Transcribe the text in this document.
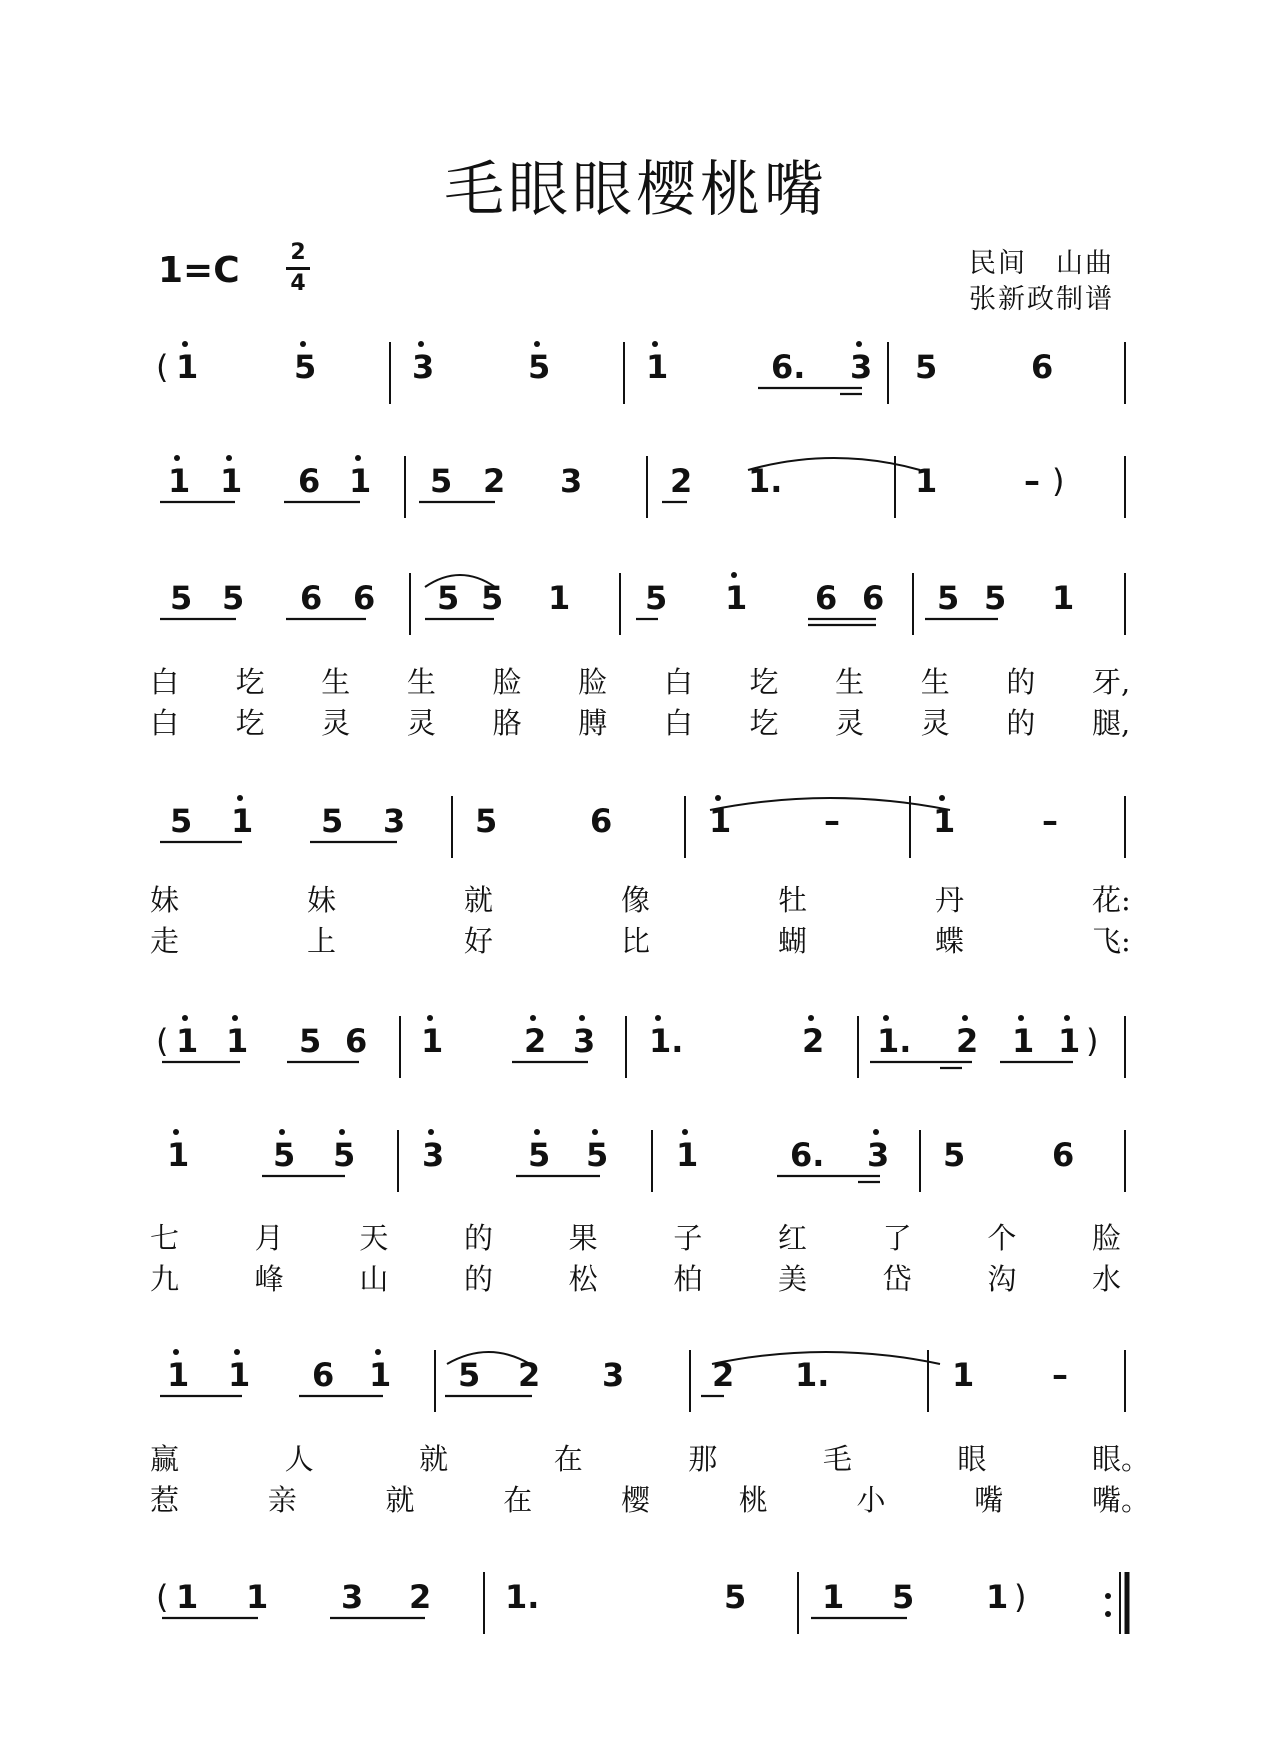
毛眼眼樱桃嘴
1=C 2
4
民间　山曲
张新政制谱
( 1	5	3	5	1	6. 3 5	6
1 1 6 1 5 2 3	2 1.	1	– )
5 5 6 6 5 5 1 5 1 6 6 5 5 1
白 圪 生 生 脸 脸 白 圪 生 生 的 牙,
白 圪 灵 灵 胳 膊 白 圪 灵 灵 的 腿,
5 1 5 3 5	6	1	–	1	–
妹	妹	就	像	牡	丹	花:
走	上	好	比	蝴	蝶	飞:
( 1 1 5 6 1	2 3 1.	2 1. 2 1 1 )
1	5 5 3	5 5 1	6. 3 5	6
七	月	天	的	果	子	红	了	个	脸
九	峰	山	的	松	柏	美	岱	沟	水
1 1 6 1 5 2 3	2 1.	1 –
赢	人	就	在	那	毛	眼	眼。
惹	亲	就	在	樱	桃	小	嘴	嘴。
( 1 1 3 2 1.	5 1 5 1 )
